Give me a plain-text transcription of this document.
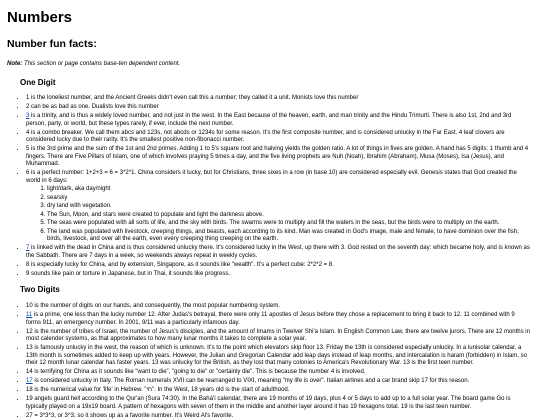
Numbers
Number fun facts:

Note: This section or page contains base-ten dependent content.

One Digit
• 1 is the loneliest number, and the Ancient Greeks didn't even call this a number; they called it a unit. Monists love this number
• 2 can be as bad as one. Dualists love this number
• 3 is a trinity, and is thus a widely loved number, and not just in the west. In the East because of the heaven, earth, and man trinity and the Hindu Trimurti. There is also 1st, 2nd and 3rd person, party, or world, but these types rarely, if ever, include the next number.
• 4 is a combo breaker. We call them abcs and 123s, not abcds or 1234s for some reason. It's the first composite number, and is considered unlucky in the Far East. 4 leaf clovers are considered lucky due to their rarity. It's the smallest positive non-fibonacci number.
• 5 is the 3rd prime and the sum of the 1st and 2nd primes. Adding 1 to 5's square root and halving yields the golden ratio. A lot of things in fives are golden. A hand has 5 digits: 1 thumb and 4 fingers. There are Five Pillars of Islam, one of which involves praying 5 times a day, and the five living prophets are Nuh (Noah), Ibrahim (Abraham), Musa (Moses), Isa (Jesus), and Muhammad.
• 6 is a perfect number: 1+2+3 = 6 = 3*2*1. China considers it lucky, but for Christians, three sixes in a row (in base 10) are considered especially evil. Genesis states that God created the world in 6 days:
1. light/dark, aka day/night
2. sea/sky
3. dry land with vegetation.
4. The Sun, Moon, and stars were created to populate and light the darkness above.
5. The seas were populated with all sorts of life, and the sky with birds. The swarms were to multiply and fill the waters in the seas, but the birds were to multiply on the earth.
6. The land was populated with livestock, creeping things, and beasts, each according to its kind. Man was created in God's image, male and female, to have dominion over the fish, birds, livestock, and over all the earth, even every creeping thing creeping on the earth.
• 7 is linked with the dead in China and is thus considered unlucky there. It's considered lucky in the West, up there with 3. God rested on the seventh day: which became holy, and is known as the Sabbath. There are 7 days in a week, so weekends always repeat in weekly cycles.
• 8 is especially lucky for China, and by extension, Singapore, as it sounds like "wealth". It's a perfect cube: 2*2*2 = 8.
• 9 sounds like pain or torture in Japanese, but in Thai, it sounds like progress.
Two Digits
• 10 is the number of digits on our hands, and consequently, the most popular numbering system.
• 11 is a prime, one less than the lucky number 12. After Judas's betrayal, there were only 11 apostles of Jesus before they chose a replacement to bring it back to 12. 11 combined with 9 forms 911, an emergency number. In 2001, 9/11 was a particularly infamous day.
• 12 is the number of tribes of Israel, the number of Jesus's disciples, and the amount of Imams in Twelver Shi'a Islam. In English Common Law, there are twelve jurors. There are 12 months in most calender systems, as that approximates to how many lunar months it takes to complete a solar year.
• 13 is famously unlucky in the west, the reason of which is unknown. It's to the point which elevators skip floor 13. Friday the 13th is considered especially unlucky. In a lunisolar calendar, a 13th month is sometimes added to keep up with years. However, the Julian and Gregorian Calendar add leap days instead of leap months, and intercalation is haram (forbidden) in Islam, so their 12 month lunar calendar has faster years. 13 was unlucky for the British, as they lost that many colonies to America's Revolutionary War. 13 is the first teen number.
• 14 is terrifying for China as it sounds like "want to die", "going to die" or "certainly die". This is because the number 4 is involved.
• 17 is considered unlucky in Italy. The Roman numerals XVII can be rearranged to VIXI, meaning "my life is over". Italian airlines and a car brand skip 17 for this reason.
• 18 is the numerical value for 'life' in Hebrew. "חי". In the West, 18 years old is the start of adulthood.
• 19 angels guard hell according to the Qur'an (Sura 74:30). In the Bahá'í calendar, there are 19 months of 19 days, plus 4 or 5 days to add up to a full solar year. The board game Go is typically played on a 19x19 board. A pattern of hexagons with seven of them in the middle and another layer around it has 19 hexagons total. 19 is the last teen number.
• 27 = 3*3*3, or 3^3, so it shows up as a favorite number. It's Weird Al's favorite.
